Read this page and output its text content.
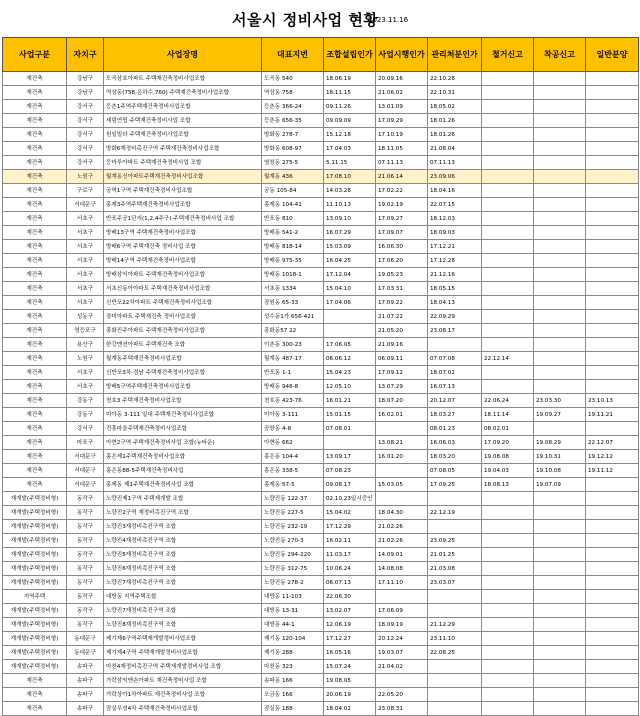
서울시 정비사업 현황
2023.11.16
사업구분	자치구	사업장명	대표지번	조합설립인가	사업시행인가	관리처분인가	철거신고	착공신고	일반분양
재건축	강남구	도곡삼호아파트 주택재건축정비사업조합	도곡동 540	18.06.19	20.09.16	22.10.28			
재건축	강남구	역삼동(758,은하수,760) 주택재건축정비사업조합	역삼동 758	18.11.15	21.06.02	22.10.31			
재건축	강서구	등촌1주역주택재건축정비사업조합	등촌동 366-24	09.11.26	13.01.09	18.05.02			
재건축	강서구	세림연립 주택재건축정비사업 조합	등촌동 656-35	09.09.09	17.09.29	18.01.26			
재건축	강서구	원일빌라 주택재건축정비사업조합	방화동 278-7	15.12.18	17.10.19	18.01.26			
재건축	강서구	방화6재정비촉진구역 주택재건축정비사업조합	방화동 608-97	17.04.03	18.11.05	21.08.04			
재건축	강서구	등마루아파트 주택재건축정비사업 조합	염창동 275-5	5.11.15	07.11.13	07.11.13			
재건축	노원구	월계동신아파트주택재건축정비사업조합	월계동 436	17.08.10	21.06.14	23.09.06			
재건축	구로구	궁역1구역 주택재건축정비사업조합	궁동 105-84	14.03.28	17.02.22	18.04.16			
재건축	서대문구	홍제3주역주택재건축정비사업조합	홍제동 104-41	11.10.13	19.02.19	22.07.15			
재건축	서초구	반포주공1단지(1,2,4주구) 주택재건축정비사업 조합	반포동 810	13.09.10	17.09.27	18.12.03			
재건축	서초구	방배13구역 주택재건축정비사업조합	방배동 541-2	16.07.29	17.09.07	18.09.03			
재건축	서초구	방배6구역 주택재건축 정비사업 조합	방배동 818-14	15.03.09	16.06.30	17.12.21			
재건축	서초구	방배14구역 주택재건축정비사업조합	방배동 975-35	16.04.25	17.06.20	17.12.28			
재건축	서초구	방배삼익아파트 주택재건축정비사업조합	방배동 1018-1	17.12.04	19.05.23	21.12.16			
재건축	서초구	서초신동아아파트 주택재건축정비사업조합	서초동 1334	15.04.10	17.03.31	18.05.15			
재건축	서초구	신반포22차아파트 주택재건축정비사업조합	잠원동 65-33	17.04.06	17.09.22	18.04.13			
재건축	성동구	장미아파트 주택재건축 정비사업조합	성수동1가 656-421		21.07.22	22.09.29			
재건축	영등포구	흥화진주아파트 주택재건축정비사업조합	흥화동57 22		21.05.20	23.08.17			
재건축	용산구	한강맨션아파트 주택재건축 조합	이촌동 300-23	17.06.05	21.09.16				
재건축	노원구	월계동주택재건축정비사업조합	월계동 487-17	06.06.12	06.09.11	07.07.08	22.12.14		
재건축	서초구	신반포3차·경남 주택재건축정비사업조합	반포동 1-1	15.04.23	17.09.12	18.07.02			
재건축	서초구	방배5구역주택재건축정비사업조합	방배동 946-8	12.05.10	13.07.29	16.07.13			
재건축	강동구	천호3 주택재건축정비사업조합	천호동 423-76	16.01.21	18.07.20	20.12.07	22.06.24	23.03.30	23.10.13
재건축	강동구	미아동 3-111 일대 주택재건축정비사업조합	미아동 3-111	15.01.15	16.02.01	18.03.27	18.11.14	19.09.27	19.11.21
재건축	강서구	진흥마을주택재건축정비사업조합	공항동 4-8	07.08.01		08.01.23	08.02.01		
재건축	마포구	아현2구역 주택재건축정비사업 조합(뉴타운)	아현동 662		13.08.21	16.06.03	17.09.20	19.08.29	22.12.07
재건축	서대문구	홍은제1주택재건축정비사업조합	홍은동 104-4	13.09.17	16.01.20	18.03.20	19.08.08	19.10.31	19.12.12
재건축	서대문구	홍은동88-5주택재건축정비사업	홍은동 338-5	07.08.23		07.08.05	19.04.03	19.10.08	19.11.12
재건축	서대문구	홍제동 제1주택재건축정비사업 조합	홍제동 57-5	09.08.17	15.03.05	17.09.25	18.08.13	19.07.09	
재개발(주택정비형)	동작구	노량진제1구역 주택재개발 조합	노량진동 122-37	02.10.23일시증인					
재개발(주택정비형)	동작구	노량진2구역 재정비촉진구역 조합	노량진동 227-5	15.04.02	18.04.30	22.12.19			
재개발(주택정비형)	동작구	노량진3재정비촉진구역 조합	노량진동 232-19	17.12.29	21.02.26				
재개발(주택정비형)	동작구	노량진4재정비촉진구역 조합	노량진동 270-3	16.02.11	21.02.26	23.09.25			
재개발(주택정비형)	동작구	노량진5재정비촉진구역 조합	노량진동 294-220	11.03.17	14.09.01	21.01.25			
재개발(주택정비형)	동작구	노량진6재정비촉진구역 조합	노량진동 312-75	10.06.24	14.08.08	21.03.08			
재개발(주택정비형)	동작구	노량진7재정비촉진구역 조합	노량진동 278-2	06.07.13	17.11.10	23.03.07			
지역주택	동작구	대방동 지역주택조합	대방동 11-103	22.06.30					
재개발(주택정비형)	동작구	노량진7재정비촉진구역 조합	대방동 13-31	13.02.07	17.06.09				
재개발(주택정비형)	동작구	노량진8재정비촉진구역 조합	대방동 44-1	12.06.19	18.09.19	21.12.29			
재개발(주택정비형)	동대문구	제기제6구역주택재개발정비사업조합	제기동 120-104	17.12.27	20.12.24	23.11.10			
재개발(주택정비형)	동대문구	제기제4구역 주택재개발정비사업조합	제기동 288	16.05.16	19.03.07	22.08.25			
재개발(주택정비형)	송파구	마천4재정비촉진구역 주택재개발정비사업 조합	마천동 323	15.07.24	21.04.02				
재건축	송파구	가락삼익맨숀아파트 재건축정비사업 조합	송파동 166	19.08.05					
재건축	송파구	가락상아1차아파트 재건축정비사업 조합	오금동 166	20.06.19	22.05.20				
재건축	송파구	잠실우성4차 주택재건축정비사업조합	잠실동 188	18.04.02	23.08.31				
